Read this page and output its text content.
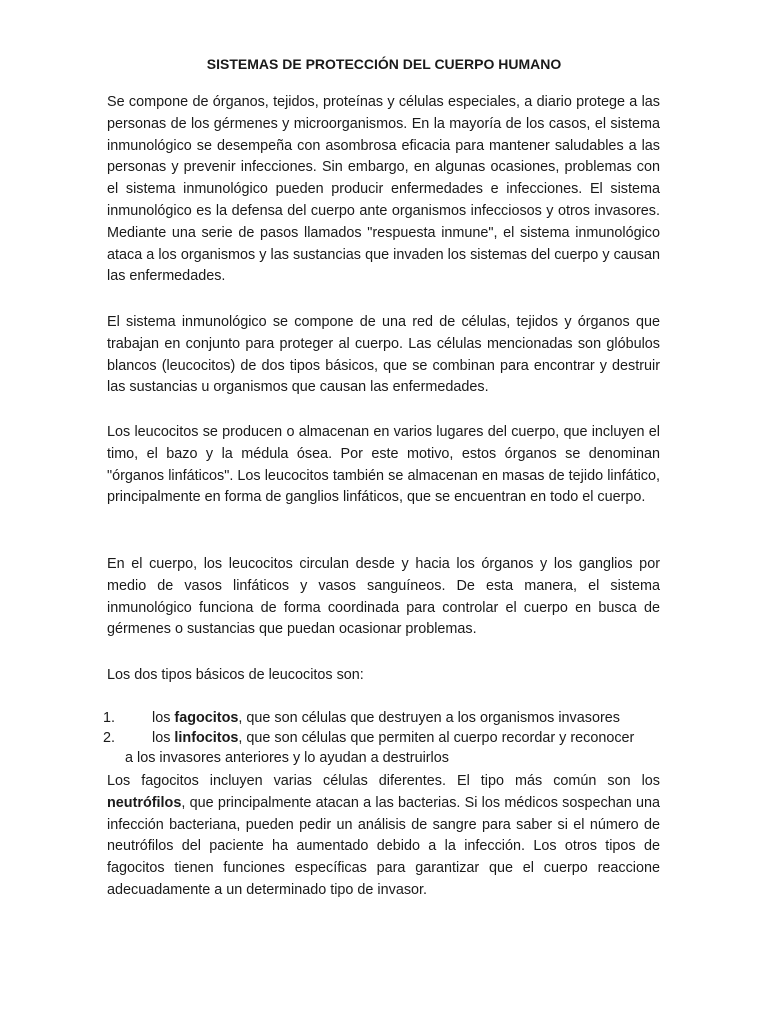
SISTEMAS DE PROTECCIÓN DEL CUERPO HUMANO

Se compone de órganos, tejidos, proteínas y células especiales, a diario protege a las personas de los gérmenes y microorganismos. En la mayoría de los casos, el sistema inmunológico se desempeña con asombrosa eficacia para mantener saludables a las personas y prevenir infecciones. Sin embargo, en algunas ocasiones, problemas con el sistema inmunológico pueden producir enfermedades e infecciones. El sistema inmunológico es la defensa del cuerpo ante organismos infecciosos y otros invasores. Mediante una serie de pasos llamados "respuesta inmune", el sistema inmunológico ataca a los organismos y las sustancias que invaden los sistemas del cuerpo y causan las enfermedades.

El sistema inmunológico se compone de una red de células, tejidos y órganos que trabajan en conjunto para proteger al cuerpo. Las células mencionadas son glóbulos blancos (leucocitos) de dos tipos básicos, que se combinan para encontrar y destruir las sustancias u organismos que causan las enfermedades.

Los leucocitos se producen o almacenan en varios lugares del cuerpo, que incluyen el timo, el bazo y la médula ósea. Por este motivo, estos órganos se denominan "órganos linfáticos". Los leucocitos también se almacenan en masas de tejido linfático, principalmente en forma de ganglios linfáticos, que se encuentran en todo el cuerpo.

En el cuerpo, los leucocitos circulan desde y hacia los órganos y los ganglios por medio de vasos linfáticos y vasos sanguíneos. De esta manera, el sistema inmunológico funciona de forma coordinada para controlar el cuerpo en busca de gérmenes o sustancias que puedan ocasionar problemas.

Los dos tipos básicos de leucocitos son:

1.	los fagocitos, que son células que destruyen a los organismos invasores
2.	los linfocitos, que son células que permiten al cuerpo recordar y reconocer
a los invasores anteriores y lo ayudan a destruirlos

Los fagocitos incluyen varias células diferentes. El tipo más común son los neutrófilos, que principalmente atacan a las bacterias. Si los médicos sospechan una infección bacteriana, pueden pedir un análisis de sangre para saber si el número de neutrófilos del paciente ha aumentado debido a la infección. Los otros tipos de fagocitos tienen funciones específicas para garantizar que el cuerpo reaccione adecuadamente a un determinado tipo de invasor.
